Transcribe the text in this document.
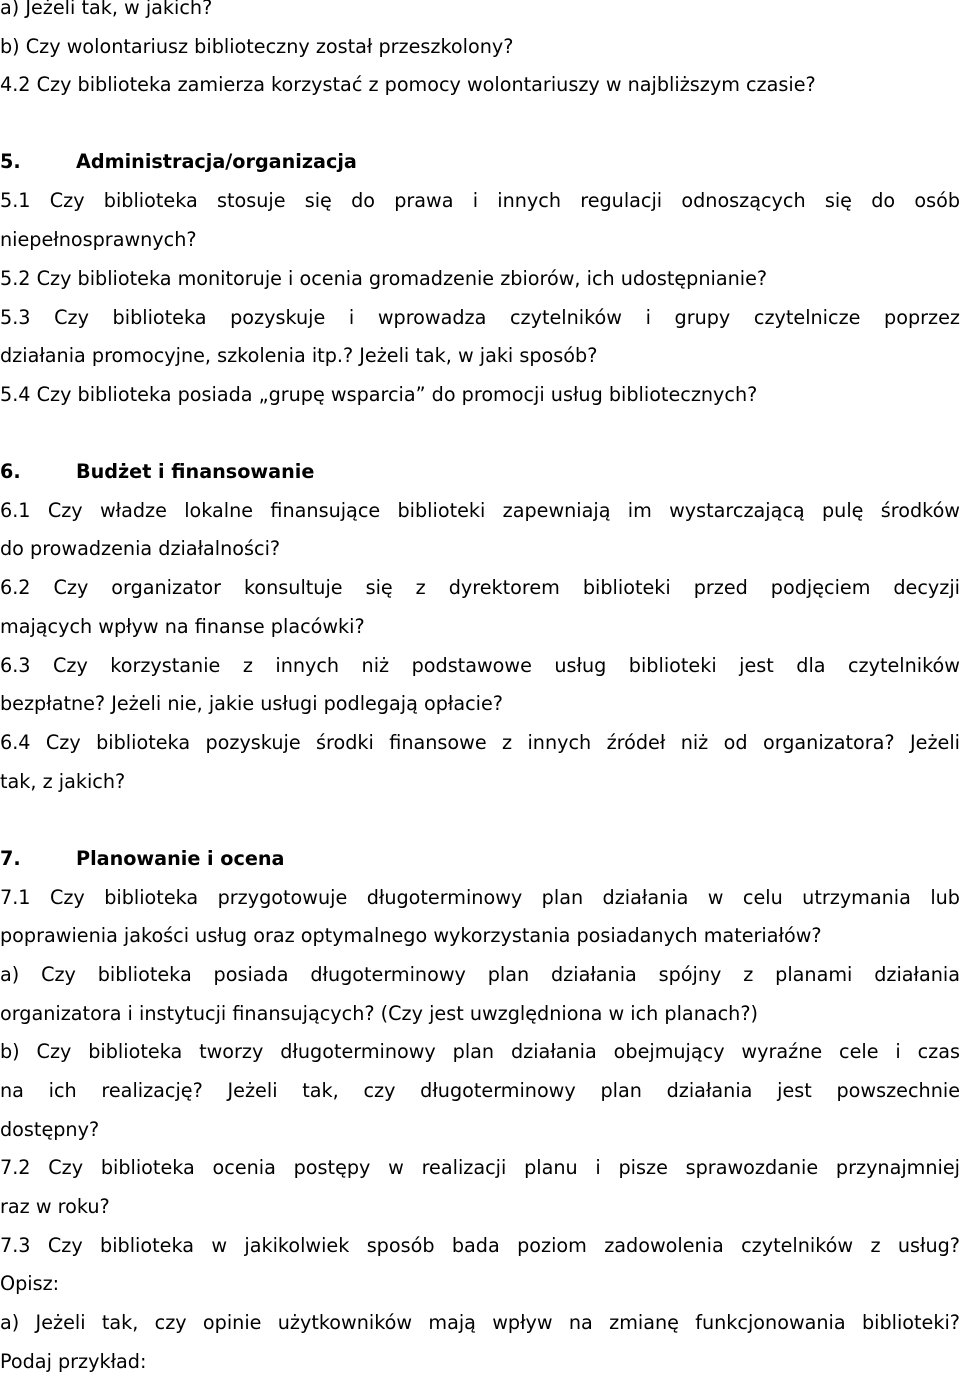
a) Jeżeli tak, w jakich?

b) Czy wolontariusz biblioteczny został przeszkolony?

4.2 Czy biblioteka zamierza korzystać z pomocy wolontariuszy w najbliższym czasie?

5.	Administracja/organizacja

5.1 Czy biblioteka stosuje się do prawa i innych regulacji odnoszących się do osób

niepełnosprawnych?

5.2 Czy biblioteka monitoruje i ocenia gromadzenie zbiorów, ich udostępnianie?

5.3 Czy biblioteka pozyskuje i wprowadza czytelników i grupy czytelnicze poprzez

działania promocyjne, szkolenia itp.? Jeżeli tak, w jaki sposób?

5.4 Czy biblioteka posiada „grupę wsparcia” do promocji usług bibliotecznych?

6.	Budżet i finansowanie

6.1 Czy władze lokalne finansujące biblioteki zapewniają im wystarczającą pulę środków

do prowadzenia działalności?

6.2 Czy organizator konsultuje się z dyrektorem biblioteki przed podjęciem decyzji

mających wpływ na finanse placówki?

6.3 Czy korzystanie z innych niż podstawowe usług biblioteki jest dla czytelników

bezpłatne? Jeżeli nie, jakie usługi podlegają opłacie?

6.4 Czy biblioteka pozyskuje środki finansowe z innych źródeł niż od organizatora? Jeżeli

tak, z jakich?

7.	Planowanie i ocena

7.1 Czy biblioteka przygotowuje długoterminowy plan działania w celu utrzymania lub

poprawienia jakości usług oraz optymalnego wykorzystania posiadanych materiałów?

a) Czy biblioteka posiada długoterminowy plan działania spójny z planami działania

organizatora i instytucji finansujących? (Czy jest uwzględniona w ich planach?)

b) Czy biblioteka tworzy długoterminowy plan działania obejmujący wyraźne cele i czas

na ich realizację? Jeżeli tak, czy długoterminowy plan działania jest powszechnie

dostępny?

7.2 Czy biblioteka ocenia postępy w realizacji planu i pisze sprawozdanie przynajmniej

raz w roku?

7.3 Czy biblioteka w jakikolwiek sposób bada poziom zadowolenia czytelników z usług?

Opisz:

a) Jeżeli tak, czy opinie użytkowników mają wpływ na zmianę funkcjonowania biblioteki?

Podaj przykład:
